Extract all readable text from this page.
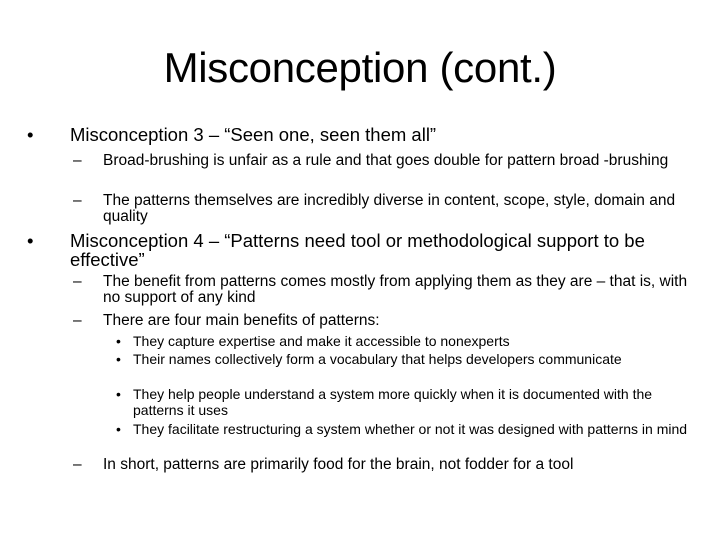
Misconception (cont.)
• Misconception 3 – “Seen one, seen them all”
– Broad-brushing is unfair as a rule and that goes double for pattern broad -brushing
– The patterns themselves are incredibly diverse in content, scope, style, domain and quality
• Misconception 4 – “Patterns need tool or methodological support to be effective”
– The benefit from patterns comes mostly from applying them as they are – that is, with no support of any kind
– There are four main benefits of patterns:
• They capture expertise and make it accessible to nonexperts
• Their names collectively form a vocabulary that helps developers communicate
• They help people understand a system more quickly when it is documented with the patterns it uses
• They facilitate restructuring a system whether or not it was designed with patterns in mind
– In short, patterns are primarily food for the brain, not fodder for a tool
